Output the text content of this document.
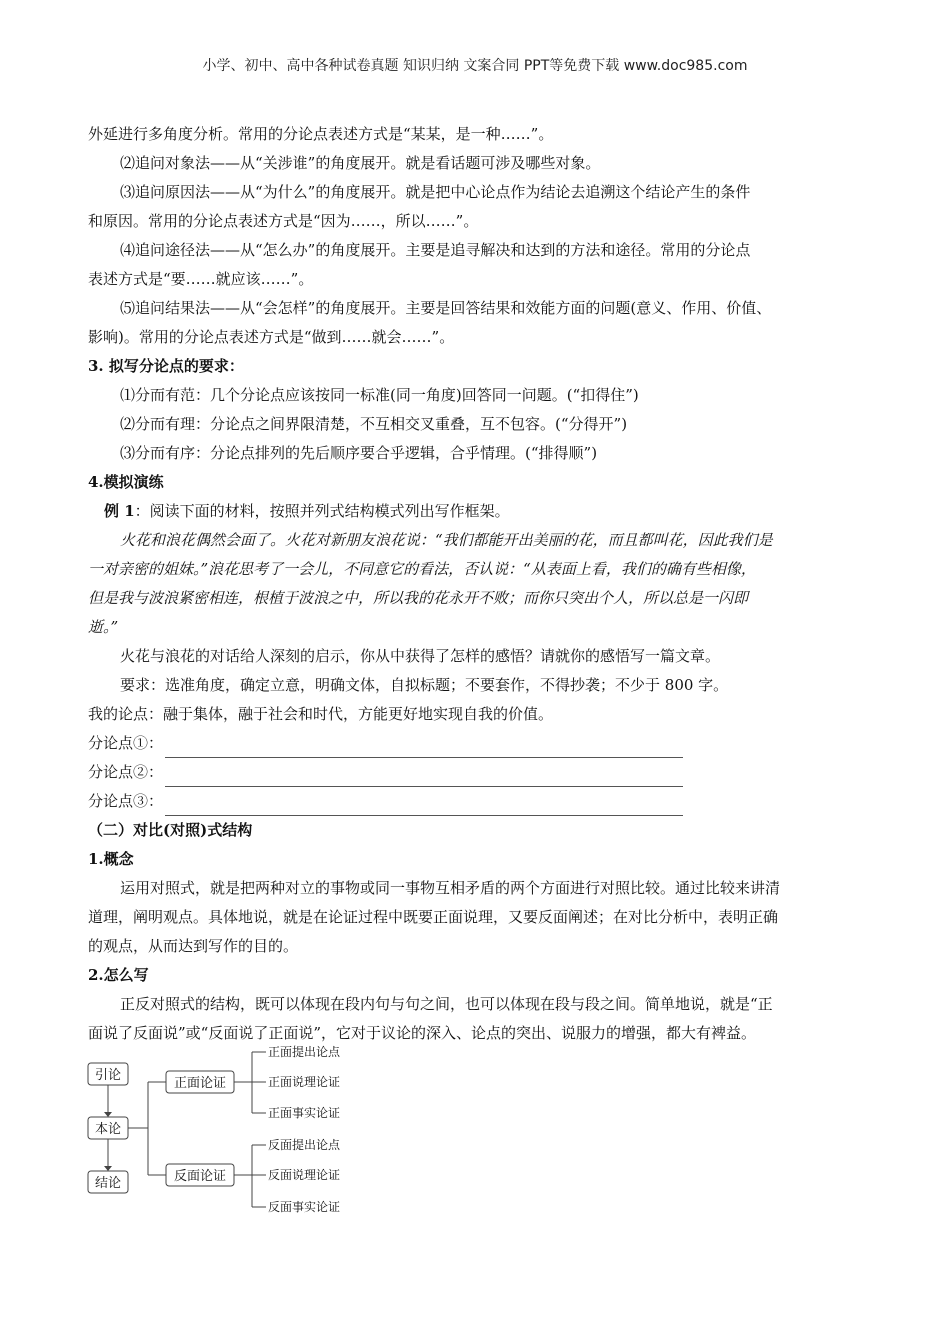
小学、初中、高中各种试卷真题 知识归纳 文案合同 PPT等免费下载 www.doc985.com

外延进行多角度分析。常用的分论点表述方式是“某某，是一种……”。

⑵追问对象法——从“关涉谁”的角度展开。就是看话题可涉及哪些对象。

⑶追问原因法——从“为什么”的角度展开。就是把中心论点作为结论去追溯这个结论产生的条件

和原因。常用的分论点表述方式是“因为……，所以……”。

⑷追问途径法——从“怎么办”的角度展开。主要是追寻解决和达到的方法和途径。常用的分论点

表述方式是“要……就应该……”。

⑸追问结果法——从“会怎样”的角度展开。主要是回答结果和效能方面的问题(意义、作用、价值、

影响)。常用的分论点表述方式是“做到……就会……”。

3. 拟写分论点的要求：

⑴分而有范：几个分论点应该按同一标准(同一角度)回答同一问题。(“扣得住”)

⑵分而有理：分论点之间界限清楚，不互相交叉重叠，互不包容。(“分得开”)

⑶分而有序：分论点排列的先后顺序要合乎逻辑，合乎情理。(“排得顺”)

4.模拟演练

例 1：阅读下面的材料，按照并列式结构模式列出写作框架。

火花和浪花偶然会面了。火花对新朋友浪花说：“我们都能开出美丽的花，而且都叫花，因此我们是

一对亲密的姐妹。”浪花思考了一会儿，不同意它的看法，否认说：“从表面上看，我们的确有些相像，

但是我与波浪紧密相连，根植于波浪之中，所以我的花永开不败；而你只突出个人，所以总是一闪即

逝。”

火花与浪花的对话给人深刻的启示，你从中获得了怎样的感悟？请就你的感悟写一篇文章。

要求：选准角度，确定立意，明确文体，自拟标题；不要套作，不得抄袭；不少于 800 字。

我的论点：融于集体，融于社会和时代，方能更好地实现自我的价值。

分论点①：

分论点②：

分论点③：

（二）对比(对照)式结构

1.概念

运用对照式，就是把两种对立的事物或同一事物互相矛盾的两个方面进行对照比较。通过比较来讲清

道理，阐明观点。具体地说，就是在论证过程中既要正面说理，又要反面阐述；在对比分析中，表明正确

的观点，从而达到写作的目的。

2.怎么写

正反对照式的结构，既可以体现在段内句与句之间，也可以体现在段与段之间。简单地说，就是“正

面说了反面说”或“反面说了正面说”，它对于议论的深入、论点的突出、说服力的增强，都大有裨益。

引论
本论
结论
正面论证
反面论证
正面提出论点
正面说理论证
正面事实论证
反面提出论点
反面说理论证
反面事实论证
